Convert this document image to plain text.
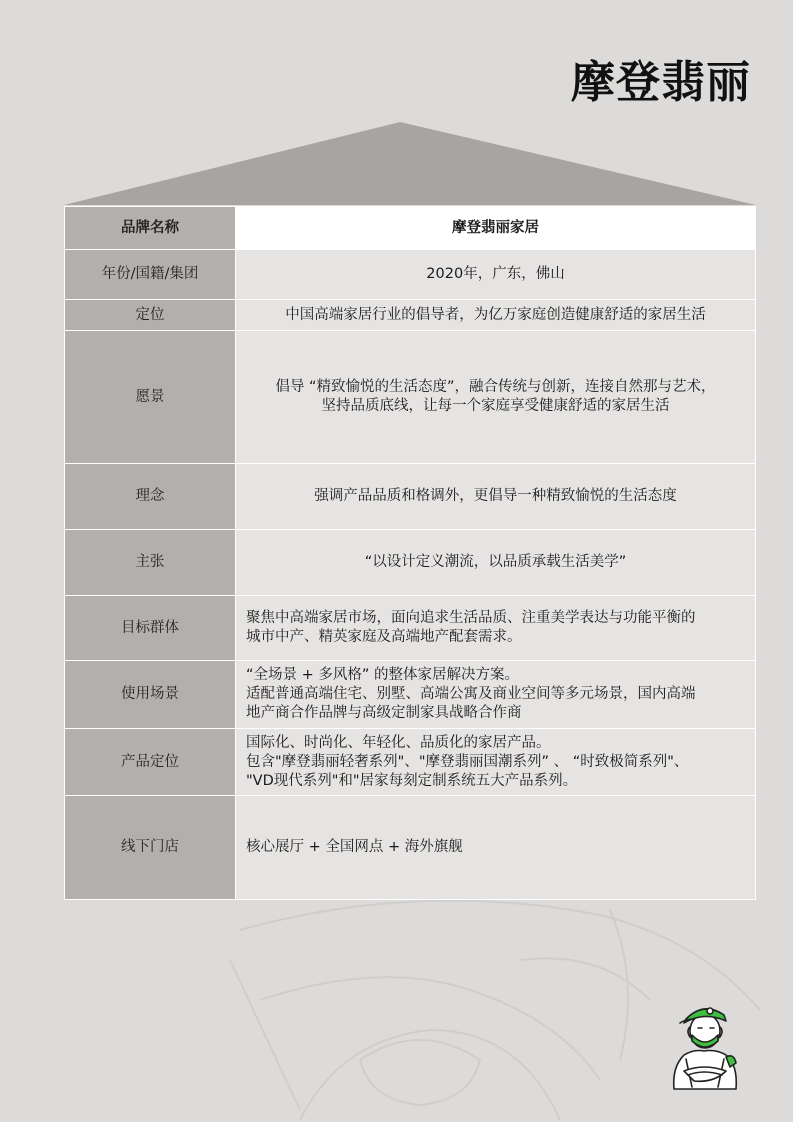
摩登翡丽
品牌名称	摩登翡丽家居
年份/国籍/集团	2020年，广东，佛山

定位	中国高端家居行业的倡导者，为亿万家庭创造健康舒适的家居生活

愿景	倡导 “精致愉悦的生活态度”，融合传统与创新，连接自然那与艺术，
坚持品质底线，让每一个家庭享受健康舒适的家居生活

理念	强调产品品质和格调外，更倡导一种精致愉悦的生活态度

主张	“以设计定义潮流，以品质承载生活美学”

目标群体	聚焦中高端家居市场，面向追求生活品质、注重美学表达与功能平衡的
城市中产、精英家庭及高端地产配套需求。

使用场景	“全场景 + 多风格” 的整体家居解决方案。
适配普通高端住宅、别墅、高端公寓及商业空间等多元场景，国内高端
地产商合作品牌与高级定制家具战略合作商

产品定位	国际化、时尚化、年轻化、品质化的家居产品。
包含"摩登翡丽轻奢系列"、"摩登翡丽国潮系列” 、 “时致极简系列"、
"VD现代系列"和"居家每刻定制系统五大产品系列。

线下门店	核心展厅 + 全国网点 + 海外旗舰
